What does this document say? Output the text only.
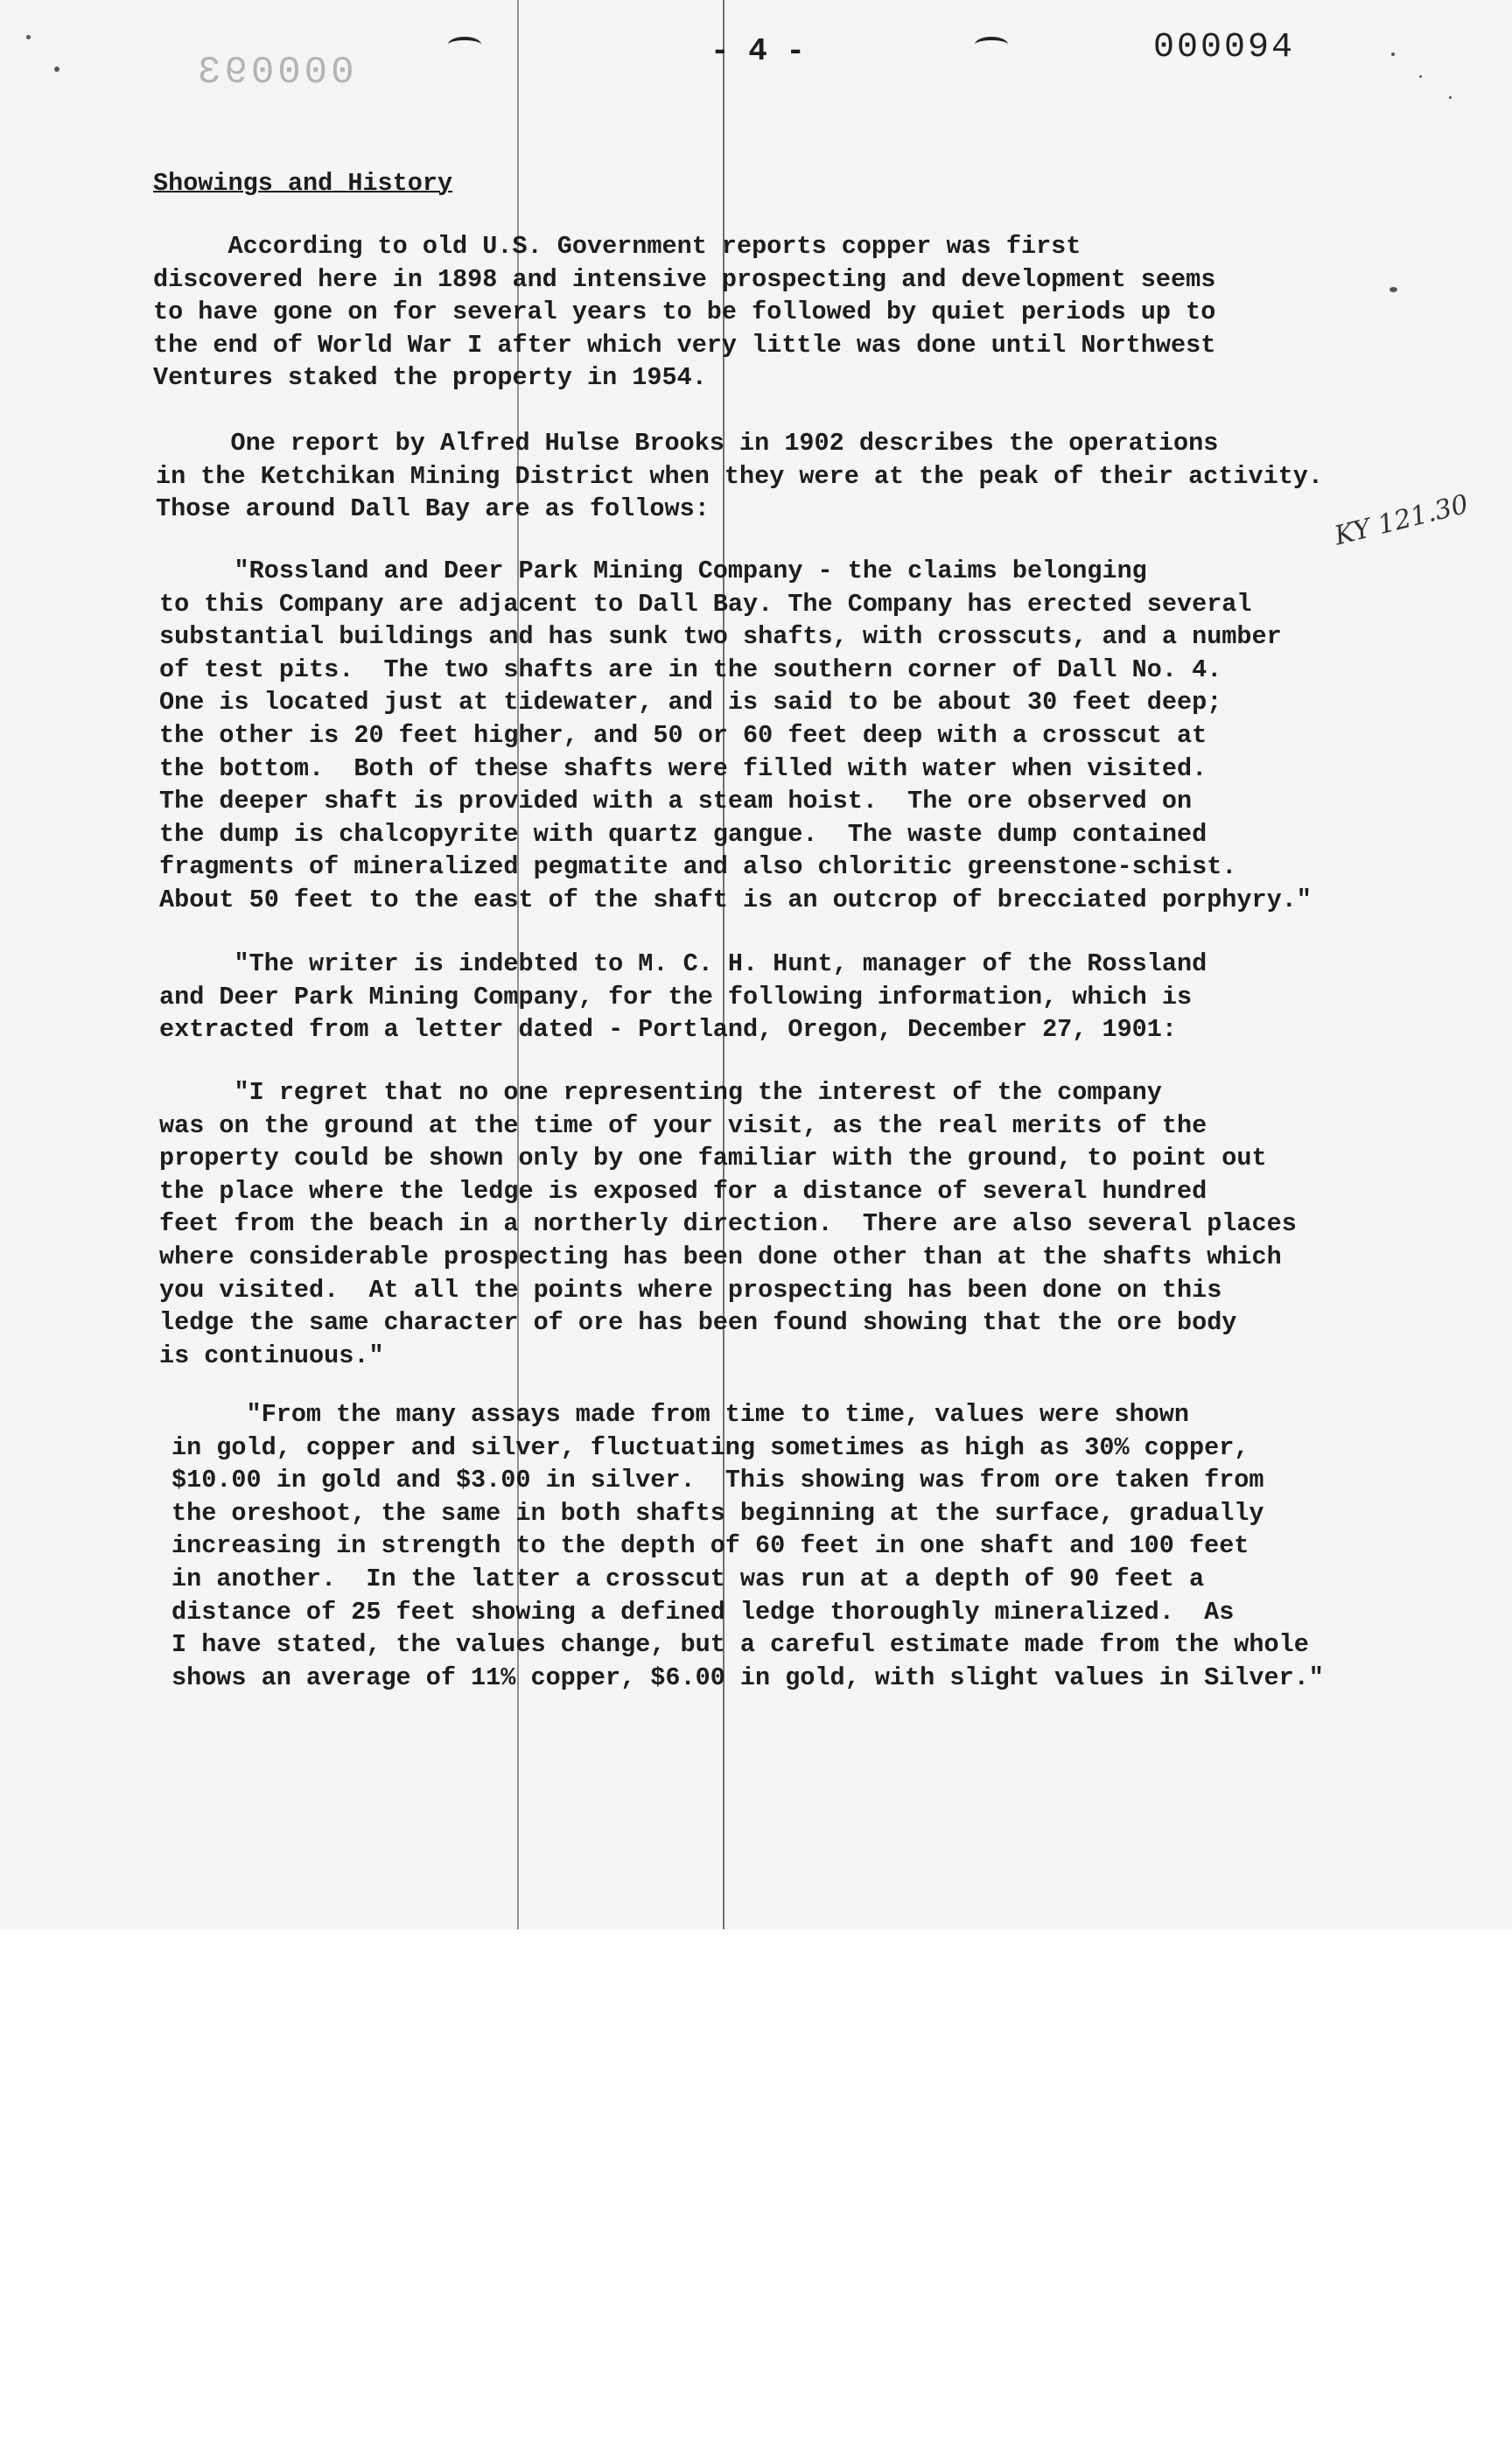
000093	- 4 -	000094
Showings and History
KY 121.30
According to old U.S. Government reports copper was first
discovered here in 1898 and intensive prospecting and development seems
to have gone on for several years to be followed by quiet periods up to
the end of World War I after which very little was done until Northwest
Ventures staked the property in 1954.
One report by Alfred Hulse Brooks in 1902 describes the operations
in the Ketchikan Mining District when they were at the peak of their activity.
Those around Dall Bay are as follows:
"Rossland and Deer Park Mining Company - the claims belonging
to this Company are adjacent to Dall Bay. The Company has erected several
substantial buildings and has sunk two shafts, with crosscuts, and a number
of test pits.  The two shafts are in the southern corner of Dall No. 4.
One is located just at tidewater, and is said to be about 30 feet deep;
the other is 20 feet higher, and 50 or 60 feet deep with a crosscut at
the bottom.  Both of these shafts were filled with water when visited.
The deeper shaft is provided with a steam hoist.  The ore observed on
the dump is chalcopyrite with quartz gangue.  The waste dump contained
fragments of mineralized pegmatite and also chloritic greenstone-schist.
About 50 feet to the east of the shaft is an outcrop of brecciated porphyry."
"The writer is indebted to M. C. H. Hunt, manager of the Rossland
and Deer Park Mining Company, for the following information, which is
extracted from a letter dated - Portland, Oregon, December 27, 1901:
"I regret that no one representing the interest of the company
was on the ground at the time of your visit, as the real merits of the
property could be shown only by one familiar with the ground, to point out
the place where the ledge is exposed for a distance of several hundred
feet from the beach in a northerly direction.  There are also several places
where considerable prospecting has been done other than at the shafts which
you visited.  At all the points where prospecting has been done on this
ledge the same character of ore has been found showing that the ore body
is continuous."
"From the many assays made from time to time, values were shown
in gold, copper and silver, fluctuating sometimes as high as 30% copper,
$10.00 in gold and $3.00 in silver.  This showing was from ore taken from
the oreshoot, the same in both shafts beginning at the surface, gradually
increasing in strength to the depth of 60 feet in one shaft and 100 feet
in another.  In the latter a crosscut was run at a depth of 90 feet a
distance of 25 feet showing a defined ledge thoroughly mineralized.  As
I have stated, the values change, but a careful estimate made from the whole
shows an average of 11% copper, $6.00 in gold, with slight values in Silver."
